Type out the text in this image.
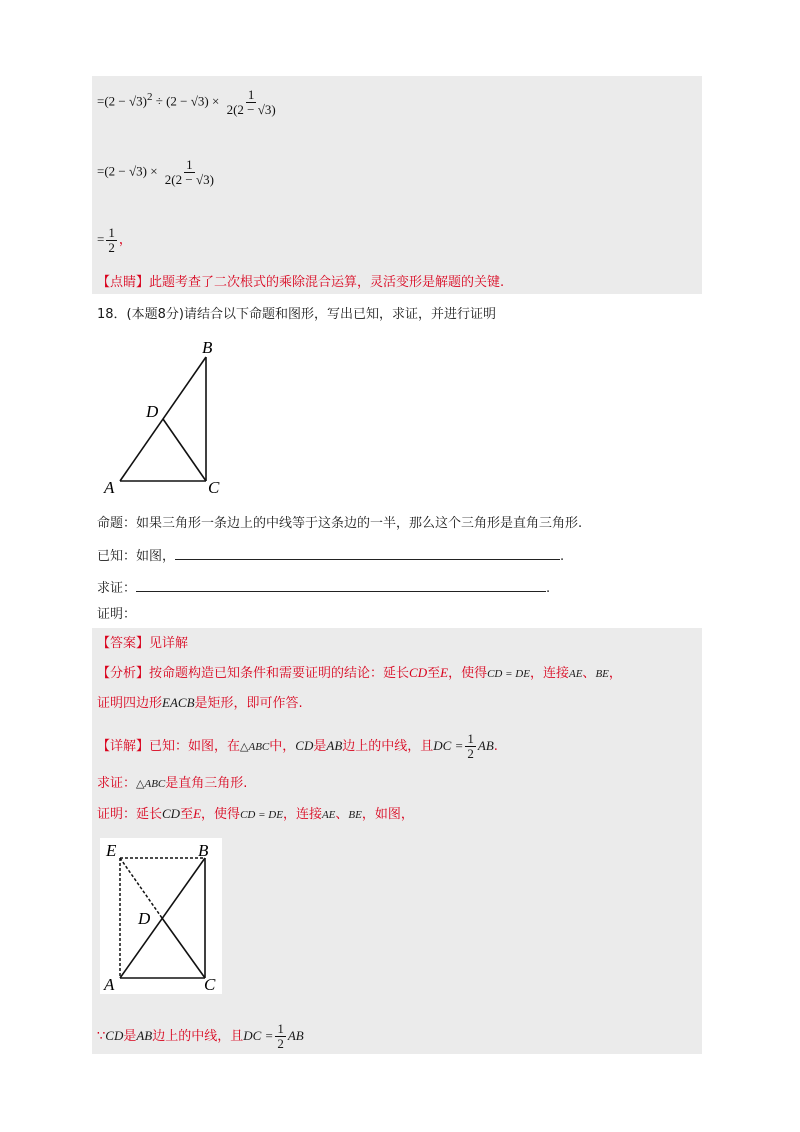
$=(2 - √3)^2 \div (2 - √3) \times \frac{1}{2(2 - √3)}$
$=(2 - √3) \times \frac{1}{2(2 - √3)}$
= $\frac{1}{2}$ ，
【点睛】此题考查了二次根式的乘除混合运算，灵活变形是解题的关键.
18．(本题8分)请结合以下命题和图形，写出已知，求证，并进行证明
B
D
A	C
命题：如果三角形一条边上的中线等于这条边的一半，那么这个三角形是直角三角形.
已知：如图，	.
求证：	.
证明：
【答案】见详解
【分析】按命题构造已知条件和需要证明的结论：延长CD至E，使得CD = DE，连接AE、BE，
证明四边形EACB是矩形，即可作答.
【详解】已知：如图，在△ABC中，CD是AB边上的中线，且DC = $\frac{1}{2}$ AB.
求证：△ABC是直角三角形.
证明：延长CD至E，使得CD = DE，连接AE、BE，如图，
E	B
D
A	C
∵CD是AB边上的中线，且DC = $\frac{1}{2}$ AB
